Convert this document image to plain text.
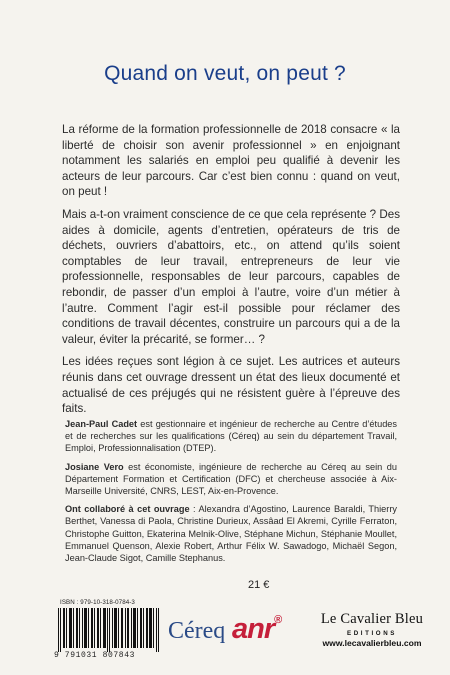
Quand on veut, on peut ?

La réforme de la formation professionnelle de 2018 consacre « la liberté de choisir son avenir professionnel » en enjoignant notamment les salariés en emploi peu qualifié à devenir les acteurs de leur parcours. Car c’est bien connu : quand on veut, on peut !

Mais a-t-on vraiment conscience de ce que cela représente ? Des aides à domicile, agents d’entretien, opérateurs de tris de déchets, ouvriers d’abattoirs, etc., on attend qu’ils soient comptables de leur travail, entrepreneurs de leur vie professionnelle, responsables de leur parcours, capables de rebondir, de passer d’un emploi à l’autre, voire d’un métier à l’autre. Comment l’agir est-il possible pour réclamer des conditions de travail décentes, construire un parcours qui a de la valeur, éviter la précarité, se former… ?

Les idées reçues sont légion à ce sujet. Les autrices et auteurs réunis dans cet ouvrage dressent un état des lieux documenté et actualisé de ces préjugés qui ne résistent guère à l’épreuve des faits.

Jean-Paul Cadet est gestionnaire et ingénieur de recherche au Centre d’études et de recherches sur les qualifications (Céreq) au sein du département Travail, Emploi, Professionnalisation (DTEP).

Josiane Vero est économiste, ingénieure de recherche au Céreq au sein du Département Formation et Certification (DFC) et chercheuse associée à Aix-Marseille Université, CNRS, LEST, Aix-en-Provence.

Ont collaboré à cet ouvrage : Alexandra d’Agostino, Laurence Baraldi, Thierry Berthet, Vanessa di Paola, Christine Durieux, Assâad El Akremi, Cyrille Ferraton, Christophe Guitton, Ekaterina Melnik-Olive, Stéphane Michun, Stéphanie Moullet, Emmanuel Quenson, Alexie Robert, Arthur Félix W. Sawadogo, Michaël Segon, Jean-Claude Sigot, Camille Stephanus.

21 €
ISBN : 979-10-318-0784-3
9 791031 807843
Céreq anr®	Le Cavalier Bleu
EDITIONS
www.lecavalierbleu.com
